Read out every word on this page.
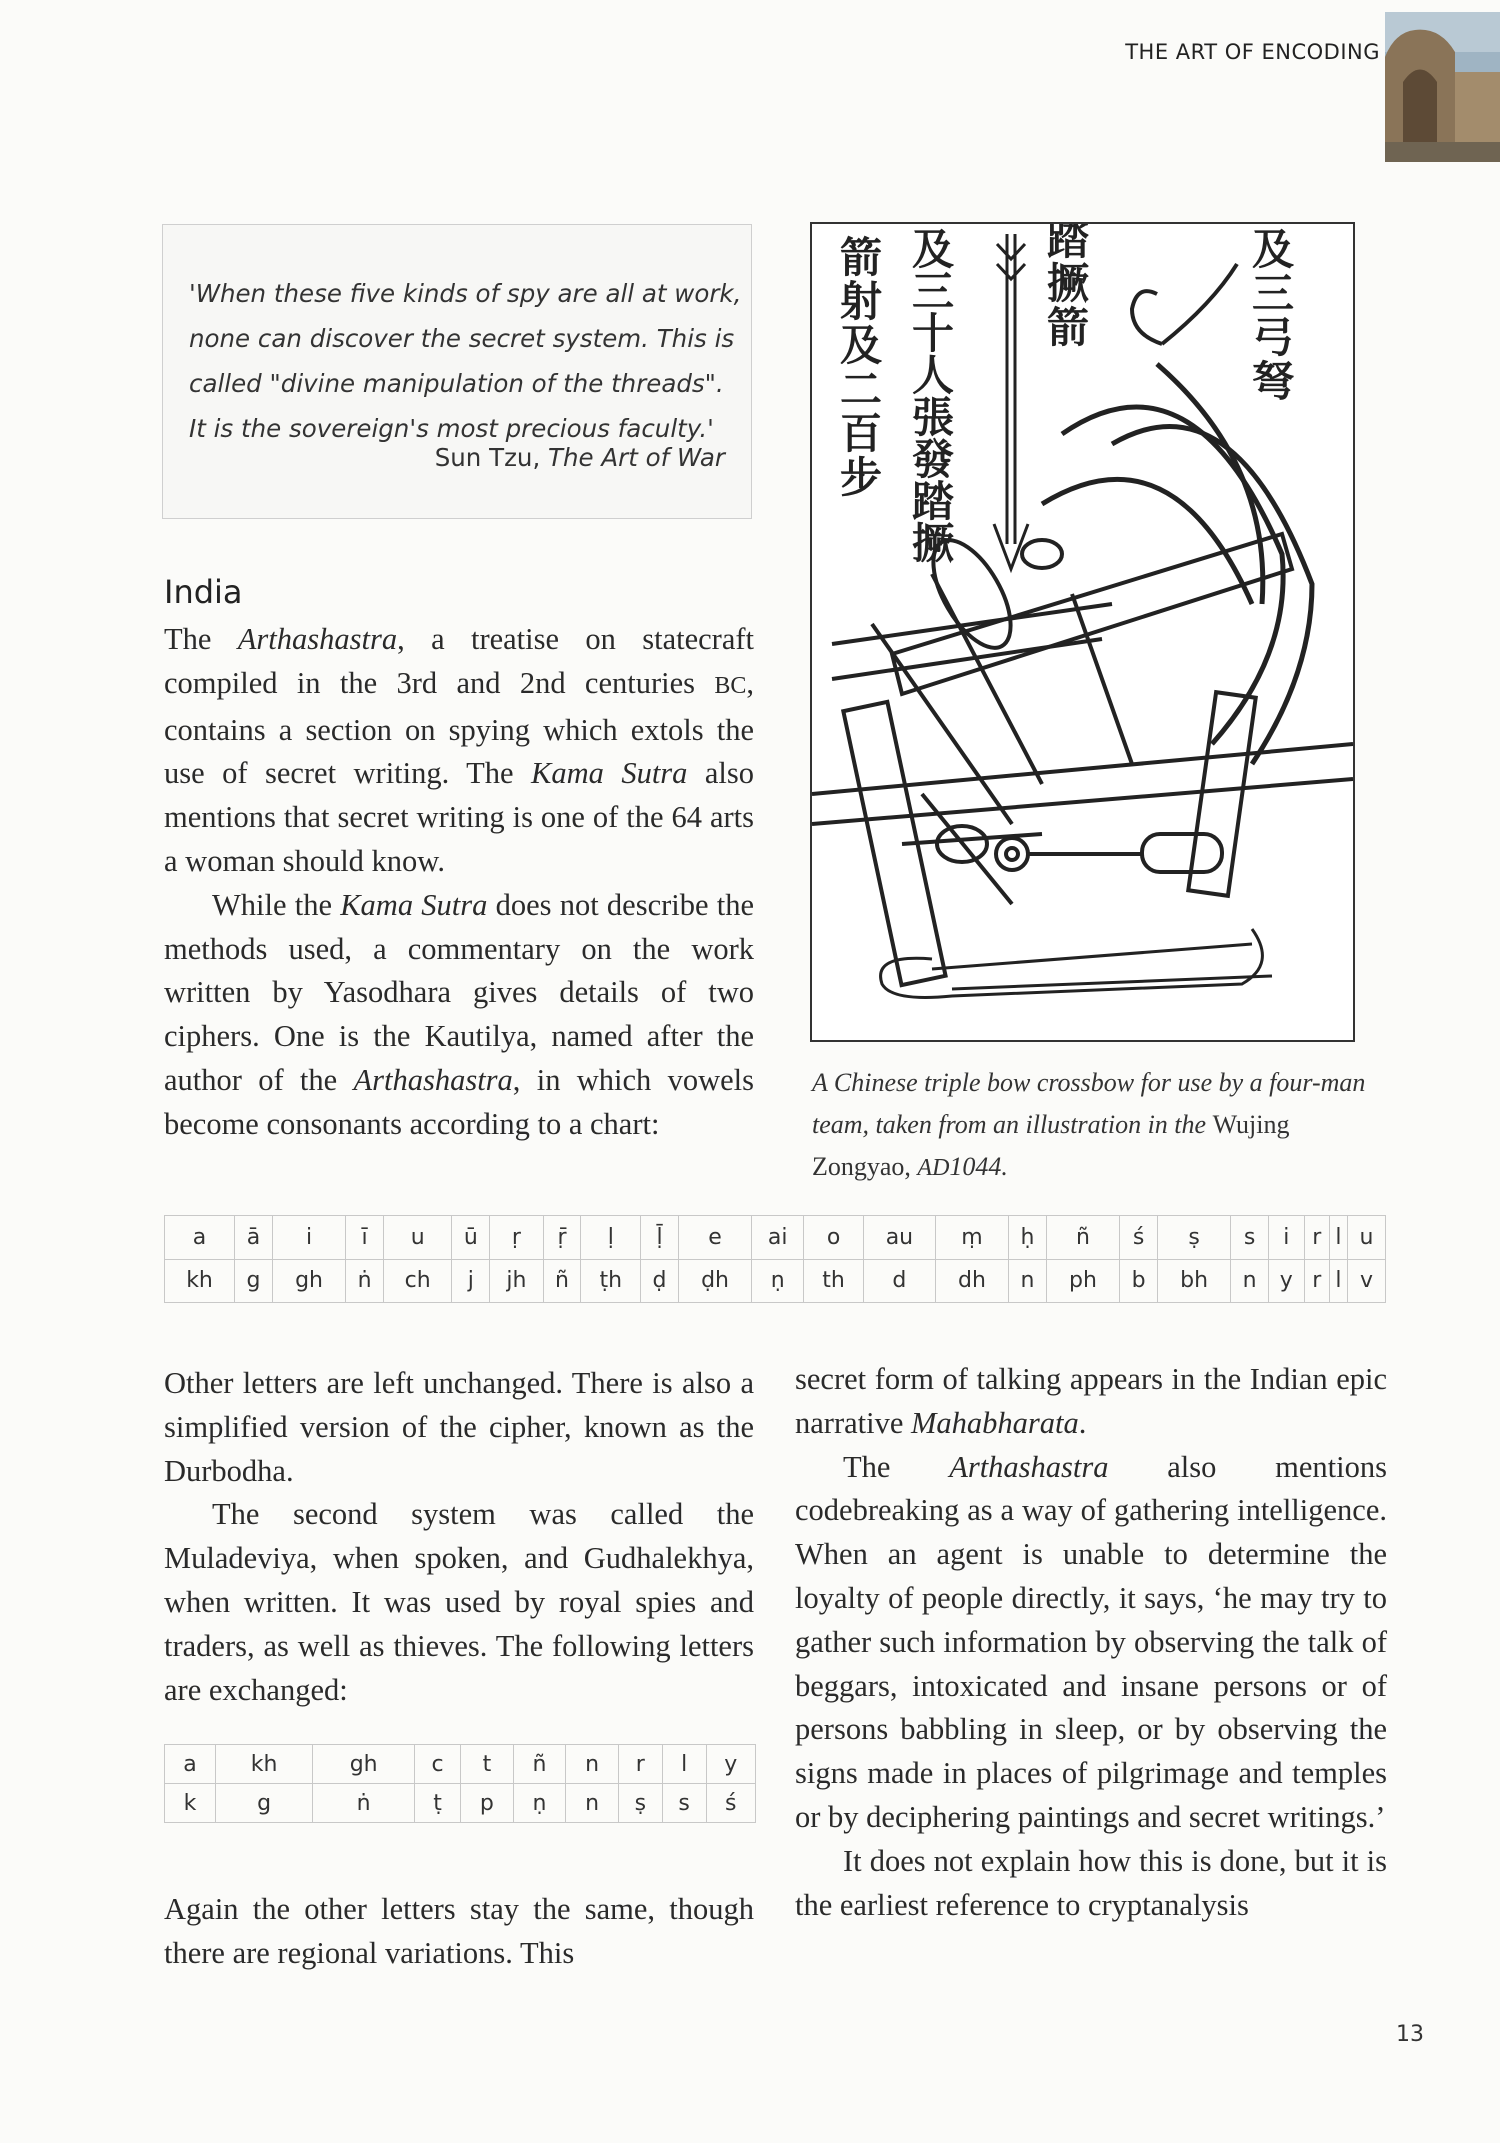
THE ART OF ENCODING
'When these five kinds of spy are all at work,
none can discover the secret system. This is
called "divine manipulation of the threads".
It is the sovereign's most precious faculty.'
Sun Tzu, The Art of War
India

The Arthashastra, a treatise on statecraft compiled in the 3rd and 2nd centuries BC, contains a section on spying which extols the use of secret writing. The Kama Sutra also mentions that secret writing is one of the 64 arts a woman should know.

While the Kama Sutra does not describe the methods used, a commentary on the work written by Yasodhara gives details of two ciphers. One is the Kautilya, named after the author of the Arthashastra, in which vowels become consonants according to a chart:

箭
射
及
二
百
步
及
三
十
人
張
發
踏
撅
踏
撅
箭
及
三
弓
弩
A Chinese triple bow crossbow for use by a four-man team, taken from an illustration in the Wujing Zongyao, AD1044.
a	ā	i	ī	u	ū	ṛ	ṝ	ḷ	ḹ	e	ai	o	au	ṃ	ḥ	ñ	ś	ṣ	s	i	r	l	u
kh	g	gh	ṅ	ch	j	jh	ñ	ṭh	ḍ	ḍh	ṇ	th	d	dh	n	ph	b	bh	n	y	r	l	v

Other letters are left unchanged. There is also a simplified version of the cipher, known as the Durbodha.

The second system was called the Muladeviya, when spoken, and Gudhalekhya, when written. It was used by royal spies and traders, as well as thieves. The following letters are exchanged:

a	kh	gh	c	t	ñ	n	r	l	y
k	g	ṅ	ṭ	p	ṇ	n	ṣ	s	ś

Again the other letters stay the same, though there are regional variations. This

secret form of talking appears in the Indian epic narrative Mahabharata.

The Arthashastra also mentions codebreaking as a way of gathering intelligence. When an agent is unable to determine the loyalty of people directly, it says, ‘he may try to gather such information by observing the talk of beggars, intoxicated and insane persons or of persons babbling in sleep, or by observing the signs made in places of pilgrimage and temples or by deciphering paintings and secret writings.’

It does not explain how this is done, but it is the earliest reference to cryptanalysis

13
